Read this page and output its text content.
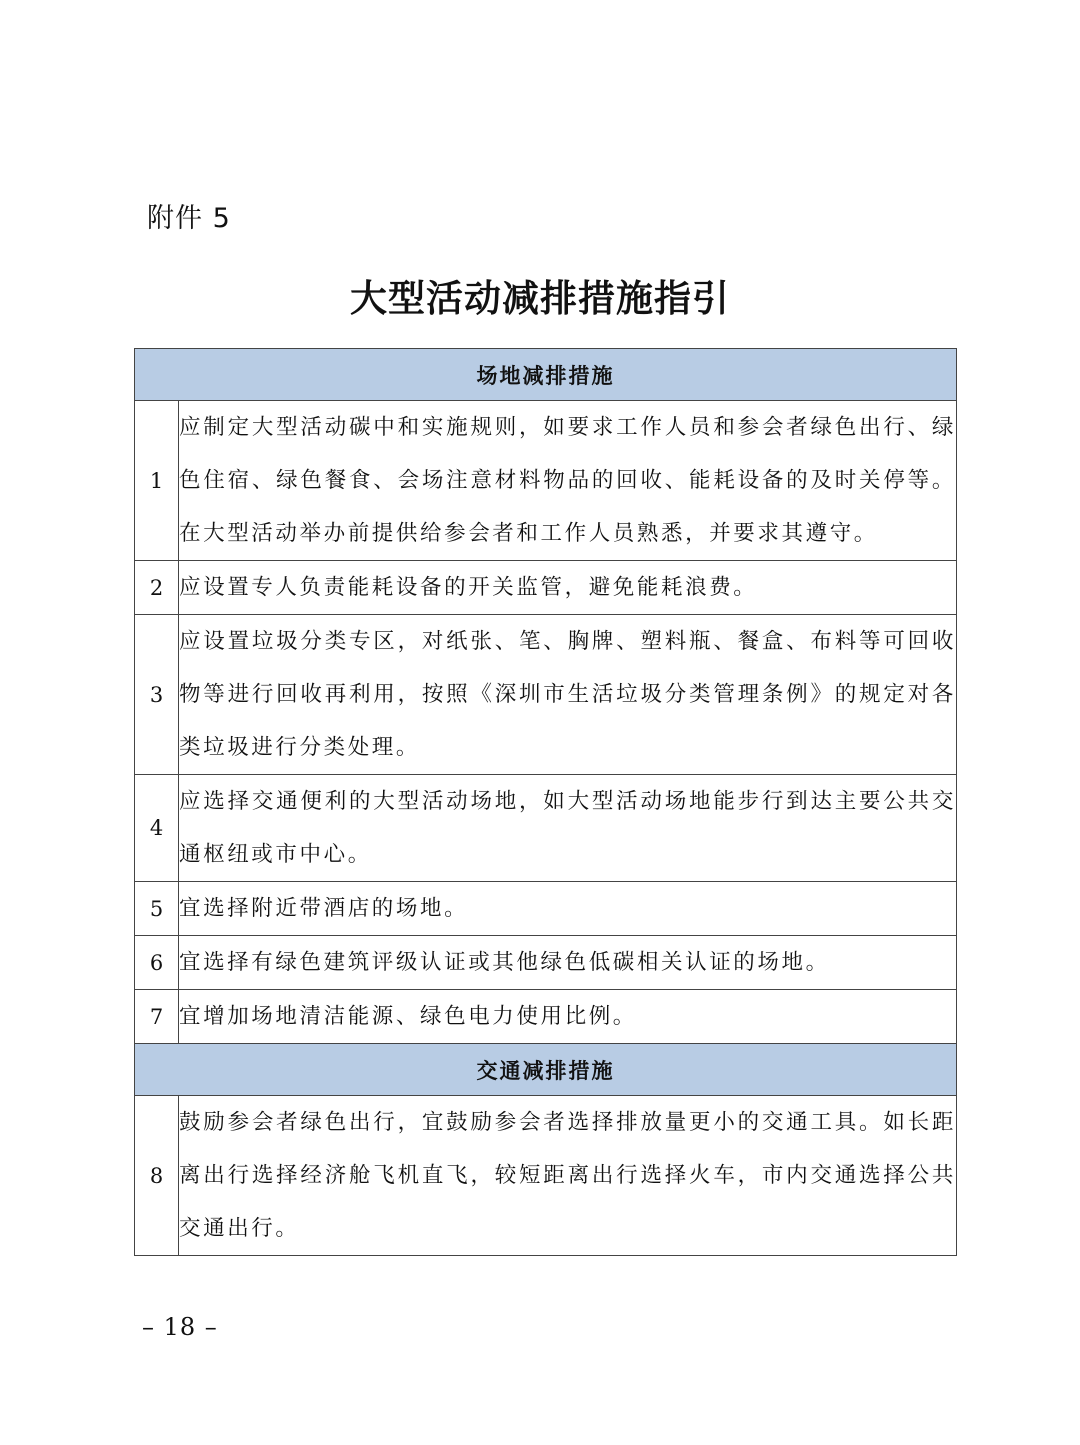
附件 5
大型活动减排措施指引
场地减排措施	
1	应制定大型活动碳中和实施规则，如要求工作人员和参会者绿色出行、绿色住宿、绿色餐食、会场注意材料物品的回收、能耗设备的及时关停等。在大型活动举办前提供给参会者和工作人员熟悉，并要求其遵守。
2	应设置专人负责能耗设备的开关监管，避免能耗浪费。
3	应设置垃圾分类专区，对纸张、笔、胸牌、塑料瓶、餐盒、布料等可回收物等进行回收再利用，按照《深圳市生活垃圾分类管理条例》的规定对各类垃圾进行分类处理。
4	应选择交通便利的大型活动场地，如大型活动场地能步行到达主要公共交通枢纽或市中心。
5	宜选择附近带酒店的场地。
6	宜选择有绿色建筑评级认证或其他绿色低碳相关认证的场地。
7	宜增加场地清洁能源、绿色电力使用比例。
交通减排措施	
8	鼓励参会者绿色出行，宜鼓励参会者选择排放量更小的交通工具。如长距离出行选择经济舱飞机直飞，较短距离出行选择火车，市内交通选择公共交通出行。
– 18 –
